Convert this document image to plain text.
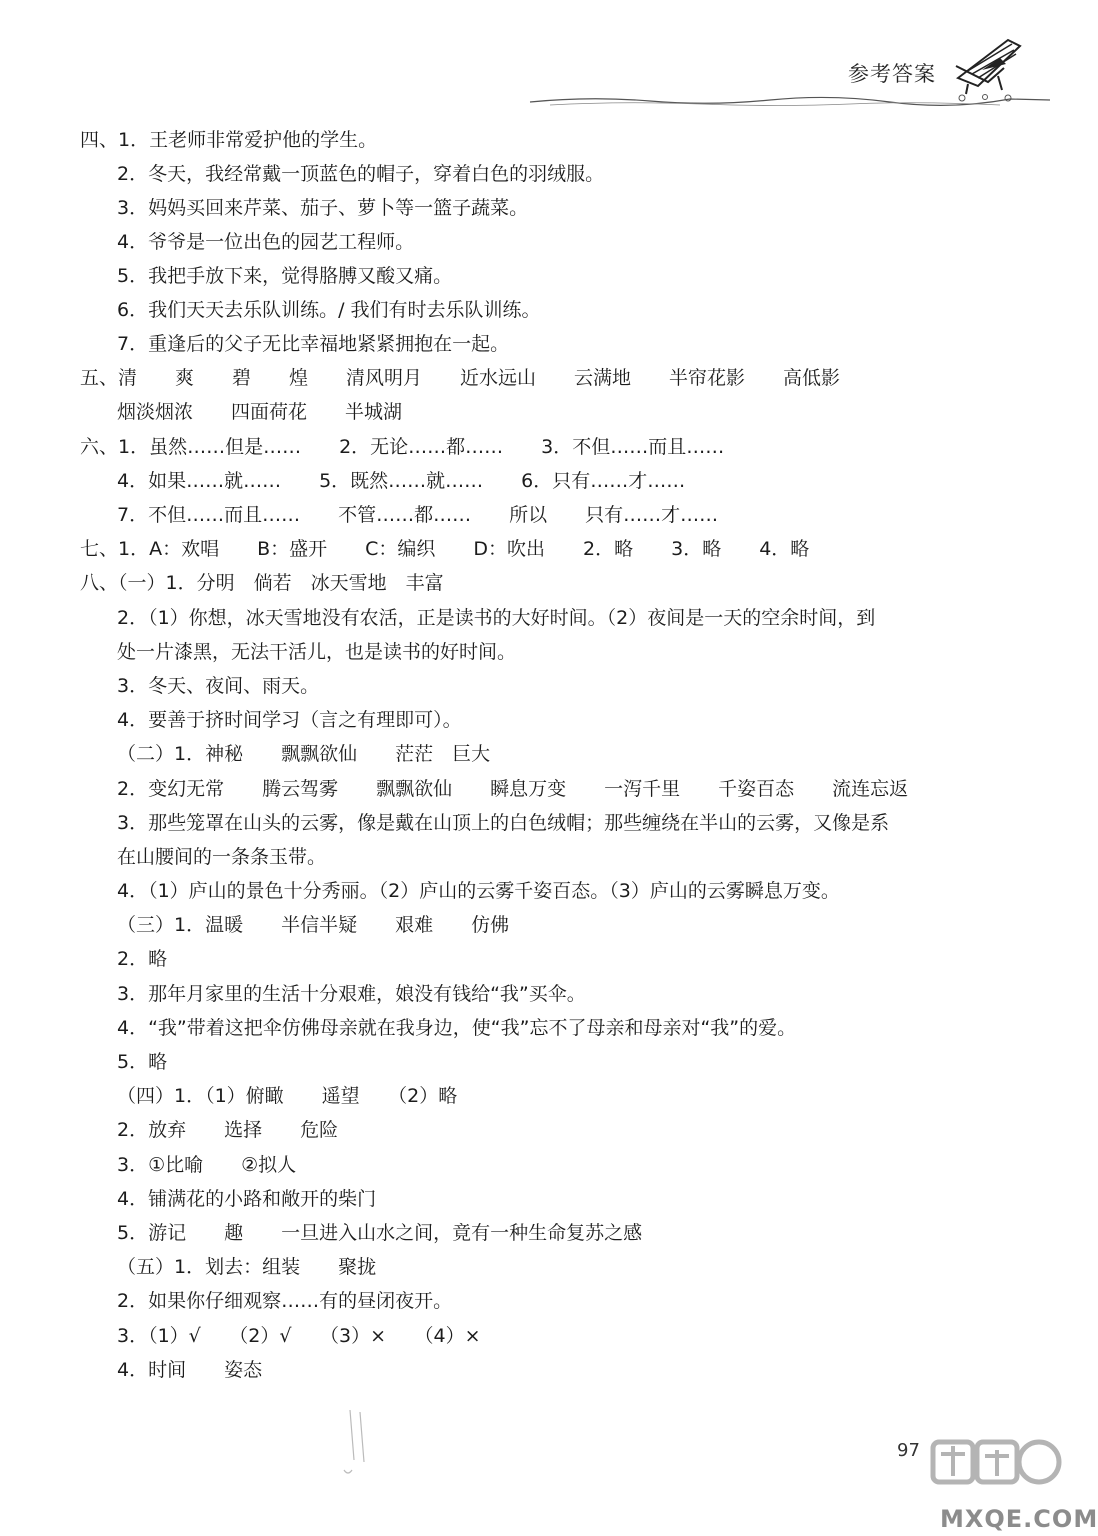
参考答案
四、1．王老师非常爱护他的学生。
2．冬天，我经常戴一顶蓝色的帽子，穿着白色的羽绒服。
3．妈妈买回来芹菜、茄子、萝卜等一篮子蔬菜。
4．爷爷是一位出色的园艺工程师。
5．我把手放下来，觉得胳膊又酸又痛。
6．我们天天去乐队训练。/ 我们有时去乐队训练。
7．重逢后的父子无比幸福地紧紧拥抱在一起。
五、清　　爽　　碧　　煌　　清风明月　　近水远山　　云满地　　半帘花影　　高低影
烟淡烟浓　　四面荷花　　半城湖
六、1．虽然……但是……　　2．无论……都……　　3．不但……而且……
4．如果……就……　　5．既然……就……　　6．只有……才……
7．不但……而且……　　不管……都……　　所以　　只有……才……
七、1．A：欢唱　　B：盛开　　C：编织　　D：吹出　　2．略　　3．略　　4．略
八、（一）1．分明　倘若　冰天雪地　丰富
2．（1）你想，冰天雪地没有农活，正是读书的大好时间。（2）夜间是一天的空余时间，到
处一片漆黑，无法干活儿，也是读书的好时间。
3．冬天、夜间、雨天。
4．要善于挤时间学习（言之有理即可）。
（二）1．神秘　　飘飘欲仙　　茫茫　巨大
2．变幻无常　　腾云驾雾　　飘飘欲仙　　瞬息万变　　一泻千里　　千姿百态　　流连忘返
3．那些笼罩在山头的云雾，像是戴在山顶上的白色绒帽；那些缠绕在半山的云雾，又像是系
在山腰间的一条条玉带。
4．（1）庐山的景色十分秀丽。（2）庐山的云雾千姿百态。（3）庐山的云雾瞬息万变。
（三）1．温暖　　半信半疑　　艰难　　仿佛
2．略
3．那年月家里的生活十分艰难，娘没有钱给“我”买伞。
4．“我”带着这把伞仿佛母亲就在我身边，使“我”忘不了母亲和母亲对“我”的爱。
5．略
（四）1．（1）俯瞰　　遥望　　（2）略
2．放弃　　选择　　危险
3．①比喻　　②拟人
4．铺满花的小路和敞开的柴门
5．游记　　趣　　一旦进入山水之间，竟有一种生命复苏之感
（五）1．划去：组装　　聚拢
2．如果你仔细观察……有的昼闭夜开。
3．（1）√　　（2）√　　（3）×　　（4）×
4．时间　　姿态
97
MXQE.COM
